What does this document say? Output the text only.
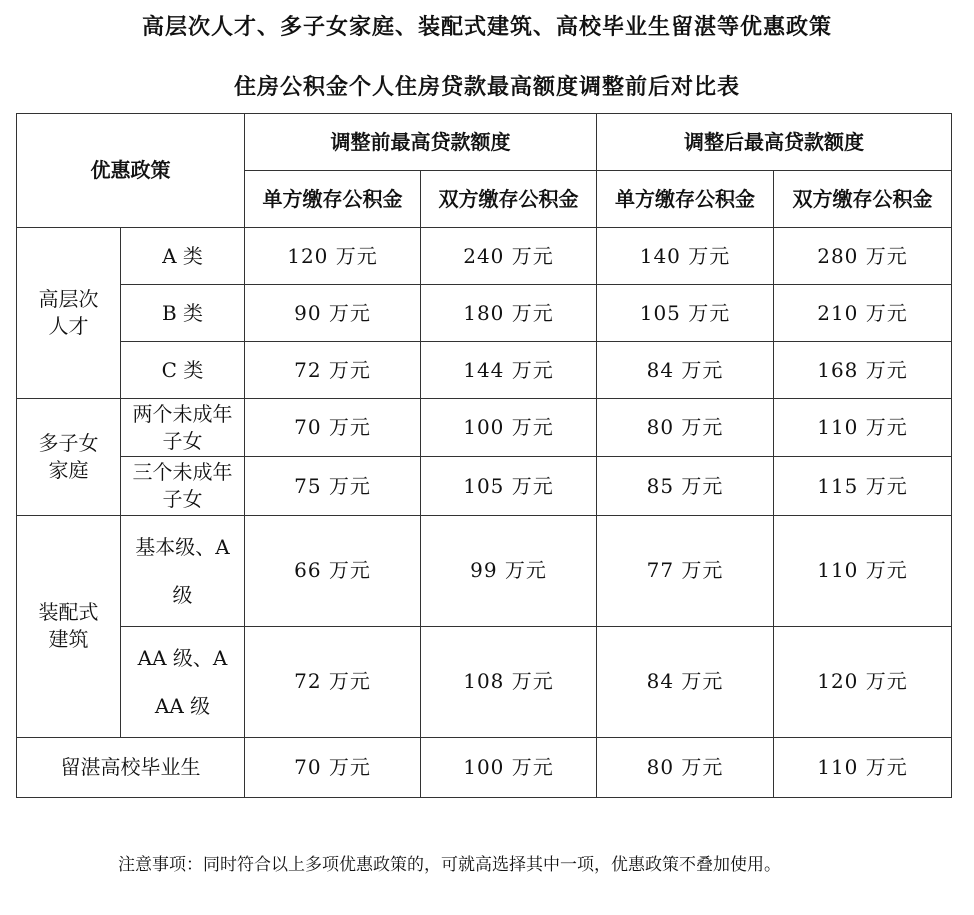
高层次人才、多子女家庭、装配式建筑、高校毕业生留湛等优惠政策
住房公积金个人住房贷款最高额度调整前后对比表
优惠政策		调整前最高贷款额度		调整后最高贷款额度	
		单方缴存公积金	双方缴存公积金	单方缴存公积金	双方缴存公积金
高层次人才	A 类	120 万元	240 万元	140 万元	280 万元
	B 类	90 万元	180 万元	105 万元	210 万元
	C 类	72 万元	144 万元	84 万元	168 万元
多子女家庭	两个未成年子女	70 万元	100 万元	80 万元	110 万元
	三个未成年子女	75 万元	105 万元	85 万元	115 万元
装配式建筑	基本级、A 级	66 万元	99 万元	77 万元	110 万元
	AA 级、AAA 级	72 万元	108 万元	84 万元	120 万元
留湛高校毕业生		70 万元	100 万元	80 万元	110 万元
注意事项：同时符合以上多项优惠政策的，可就高选择其中一项，优惠政策不叠加使用。
